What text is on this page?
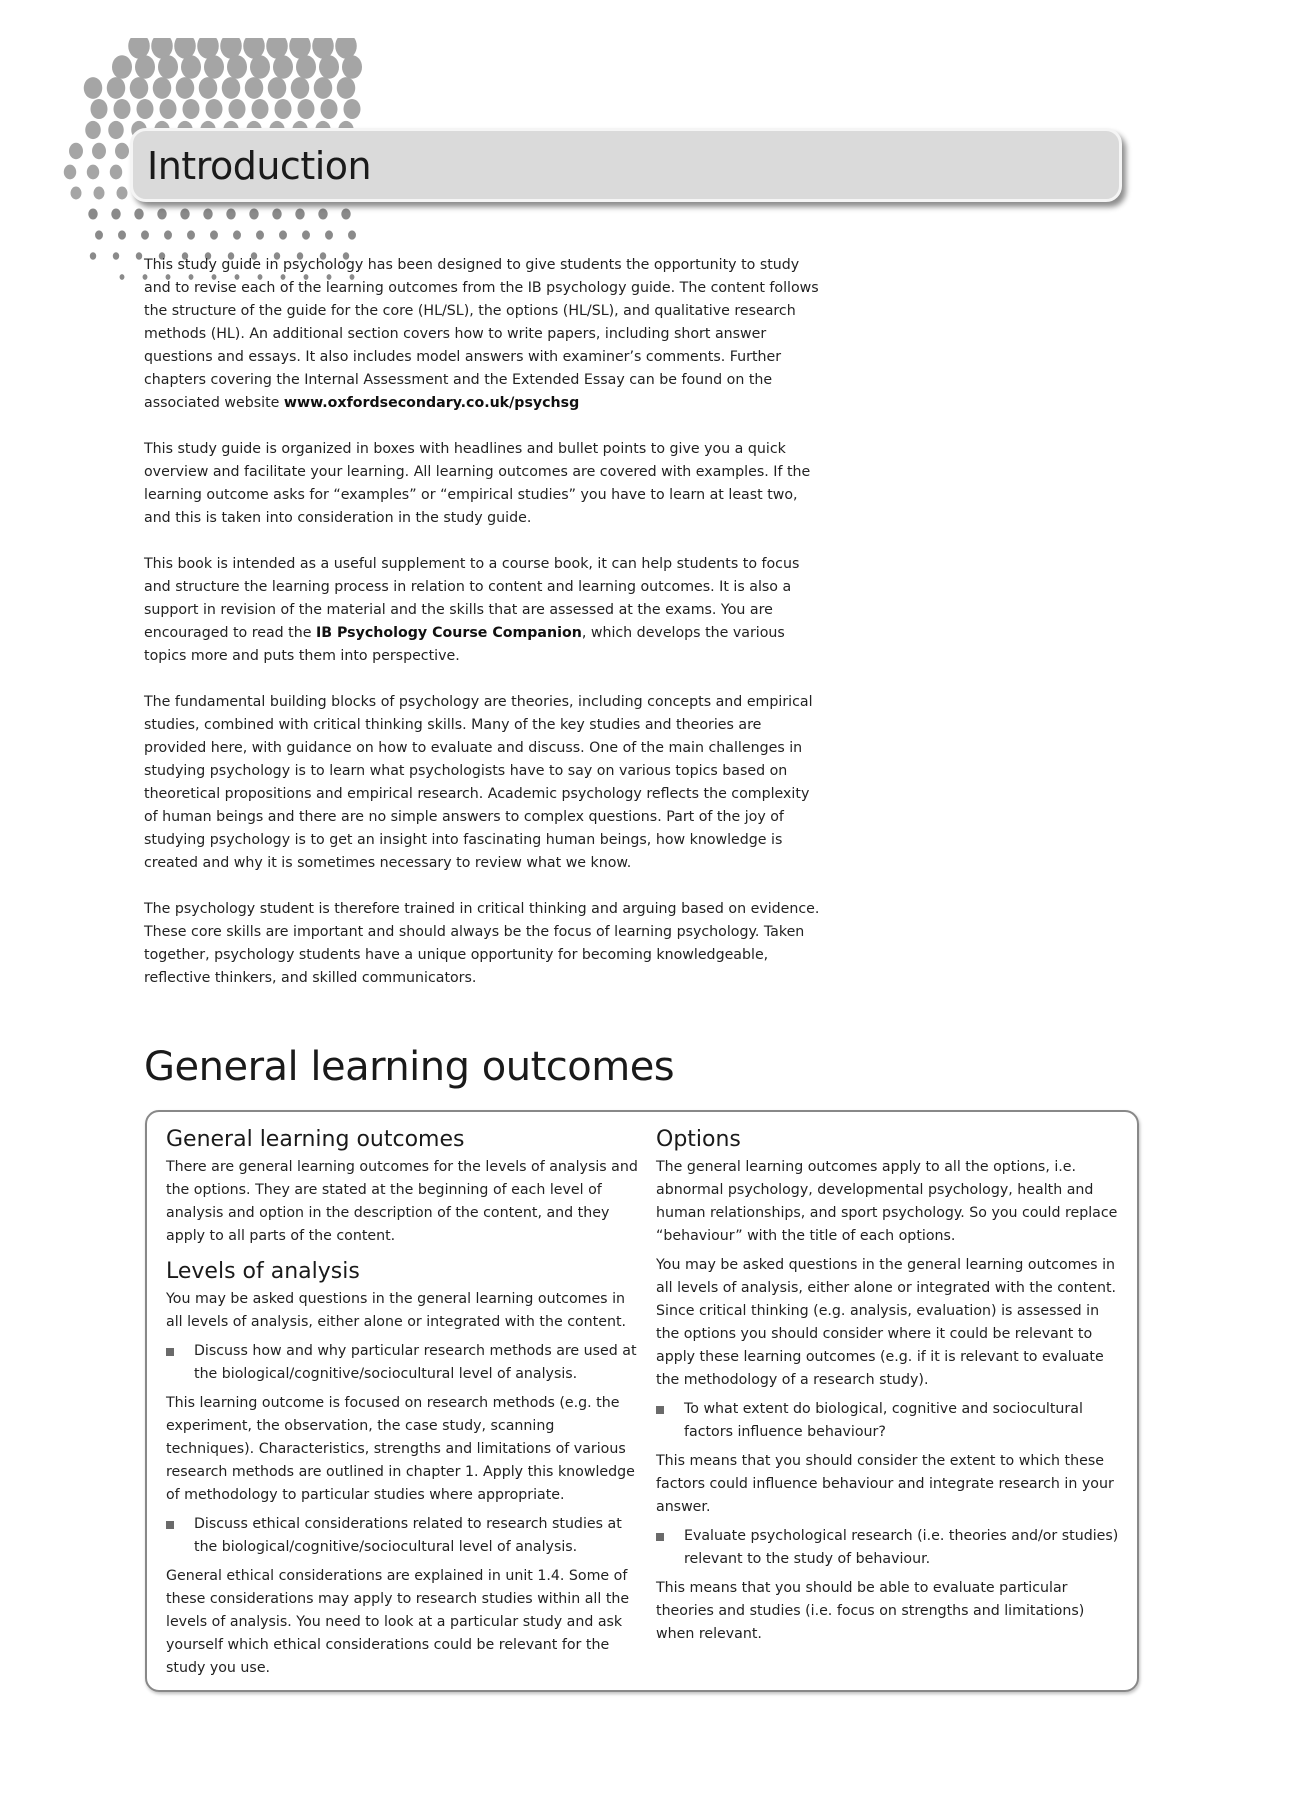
Introduction

This study guide in psychology has been designed to give students the opportunity to study and to revise each of the learning outcomes from the IB psychology guide. The content follows the structure of the guide for the core (HL/SL), the options (HL/SL), and qualitative research methods (HL). An additional section covers how to write papers, including short answer questions and essays. It also includes model answers with examiner’s comments. Further chapters covering the Internal Assessment and the Extended Essay can be found on the associated website www.oxfordsecondary.co.uk/psychsg

This study guide is organized in boxes with headlines and bullet points to give you a quick overview and facilitate your learning. All learning outcomes are covered with examples. If the learning outcome asks for “examples” or “empirical studies” you have to learn at least two, and this is taken into consideration in the study guide.

This book is intended as a useful supplement to a course book, it can help students to focus and structure the learning process in relation to content and learning outcomes. It is also a support in revision of the material and the skills that are assessed at the exams. You are encouraged to read the IB Psychology Course Companion, which develops the various topics more and puts them into perspective.

The fundamental building blocks of psychology are theories, including concepts and empirical studies, combined with critical thinking skills. Many of the key studies and theories are provided here, with guidance on how to evaluate and discuss. One of the main challenges in studying psychology is to learn what psychologists have to say on various topics based on theoretical propositions and empirical research. Academic psychology reflects the complexity of human beings and there are no simple answers to complex questions. Part of the joy of studying psychology is to get an insight into fascinating human beings, how knowledge is created and why it is sometimes necessary to review what we know.

The psychology student is therefore trained in critical thinking and arguing based on evidence. These core skills are important and should always be the focus of learning psychology. Taken together, psychology students have a unique opportunity for becoming knowledgeable, reflective thinkers, and skilled communicators.

General learning outcomes
General learning outcomes

There are general learning outcomes for the levels of analysis and the options. They are stated at the beginning of each level of analysis and option in the description of the content, and they apply to all parts of the content.

Levels of analysis

You may be asked questions in the general learning outcomes in all levels of analysis, either alone or integrated with the content.

Discuss how and why particular research methods are used at the biological/cognitive/sociocultural level of analysis.

This learning outcome is focused on research methods (e.g. the experiment, the observation, the case study, scanning techniques). Characteristics, strengths and limitations of various research methods are outlined in chapter 1. Apply this knowledge of methodology to particular studies where appropriate.

Discuss ethical considerations related to research studies at the biological/cognitive/sociocultural level of analysis.

General ethical considerations are explained in unit 1.4. Some of these considerations may apply to research studies within all the levels of analysis. You need to look at a particular study and ask yourself which ethical considerations could be relevant for the study you use.

Options

The general learning outcomes apply to all the options, i.e. abnormal psychology, developmental psychology, health and human relationships, and sport psychology. So you could replace “behaviour” with the title of each options.

You may be asked questions in the general learning outcomes in all levels of analysis, either alone or integrated with the content. Since critical thinking (e.g. analysis, evaluation) is assessed in the options you should consider where it could be relevant to apply these learning outcomes (e.g. if it is relevant to evaluate the methodology of a research study).

To what extent do biological, cognitive and sociocultural factors influence behaviour?

This means that you should consider the extent to which these factors could influence behaviour and integrate research in your answer.

Evaluate psychological research (i.e. theories and/or studies) relevant to the study of behaviour.

This means that you should be able to evaluate particular theories and studies (i.e. focus on strengths and limitations) when relevant.
